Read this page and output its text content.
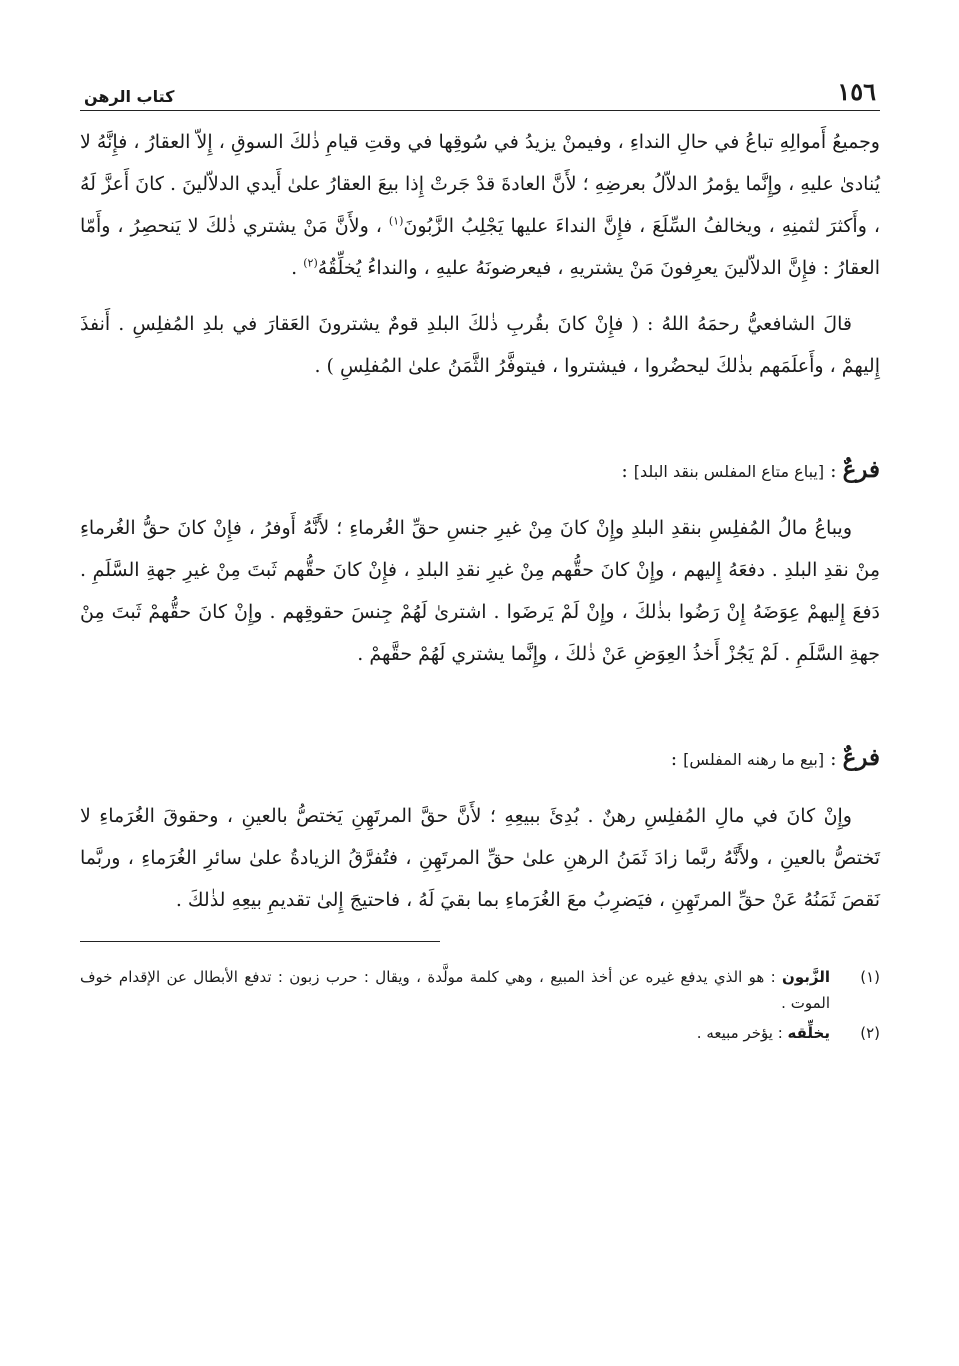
١٥٦
كتاب الرهن

وجميعُ أَموالِهِ تباعُ في حالِ النداءِ ، وفيمنْ يزيدُ في سُوقِها في وقتِ قيامِ ذٰلكَ السوقِ ، إِلاّ العقارُ ، فإِنَّهُ لا يُنادىٰ عليهِ ، وإِنَّما يؤمرُ الدلاّلُ بعرضِهِ ؛ لأَنَّ العادةَ قدْ جَرتْ إِذا بيعَ العقارُ علىٰ أَيدي الدلاّلينَ . كانَ أَعزَّ لَهُ ، وأَكثرَ لثمنِهِ ، ويخالفُ السِّلَعَ ، فإِنَّ النداءَ عليها يَجْلِبُ الزَّبُونَ$^{(١)}$ ، ولأَنَّ مَنْ يشتري ذٰلكَ لا يَنحصِرُ ، وأَمّا العقارُ : فإِنَّ الدلاّلينَ يعرِفونَ مَنْ يشتريهِ ، فيعرضونَهُ عليهِ ، والنداءُ يُخلِّقُهُ$^{(٢)}$ .

قالَ الشافعيُّ رحمَهُ اللهُ : ( فإِنْ كانَ بقُربِ ذٰلكَ البلدِ قومٌ يشترونَ العَقارَ في بلدِ المُفلِسِ . أَنفذَ إِليهمْ ، وأَعلَمَهم بذٰلكَ ليحضُروا ، فيشتروا ، فيتوفَّرُ الثَّمَنُ علىٰ المُفلِسِ ) .

فرعٌ : [يباع متاع المفلس بنقد البلد] :

ويباعُ مالُ المُفلِسِ بنقدِ البلدِ وإِنْ كانَ مِنْ غيرِ جنسِ حقِّ الغُرماءِ ؛ لأَنَّهُ أَوفرُ ، فإِنْ كانَ حقُّ الغُرماءِ مِنْ نقدِ البلدِ . دفعَهُ إِليهم ، وإِنْ كانَ حقُّهم مِنْ غيرِ نقدِ البلدِ ، فإِنْ كانَ حقُّهم ثَبتَ مِنْ غيرِ جهةِ السَّلَمِ . دَفعَ إِليهمْ عِوَضَهُ إِنْ رَضُوا بذٰلكَ ، وإِنْ لَمْ يَرضَوا . اشترىٰ لَهُمْ جِنسَ حقوقِهم . وإِنْ كانَ حقُّهمْ ثَبتَ مِنْ جهةِ السَّلَمِ . لَمْ يَجُزْ أَخذُ العِوَضِ عَنْ ذٰلكَ ، وإِنَّما يشتري لَهُمْ حقَّهمْ .

فرعٌ : [بيع ما رهنه المفلس] :

وإِنْ كانَ في مالِ المُفلِسِ رهنٌ . بُدِئَ ببيعِهِ ؛ لأَنَّ حقَّ المرتَهِنِ يَختصُّ بالعينِ ، وحقوقَ الغُرَماءِ لا تَختصُّ بالعينِ ، ولأَنَّهُ ربَّما زادَ ثَمَنُ الرهنِ علىٰ حقِّ المرتَهِنِ ، فتُفرَّقُ الزيادةُ علىٰ سائرِ الغُرَماءِ ، وربَّما نَقصَ ثَمَنُهُ عَنْ حقِّ المرتَهِنِ ، فيَضرِبُ معَ الغُرَماءِ بما بقيَ لَهُ ، فاحتيجَ إِلىٰ تقديمِ بيعِهِ لذٰلكَ .

(١)
الزَّبون : هو الذي يدفع غيره عن أخذ المبيع ، وهي كلمة مولَّدة ، ويقال : حرب زبون : تدفع الأبطال عن الإقدام خوف الموت .
(٢)
يخلِّقه : يؤخر مبيعه .
